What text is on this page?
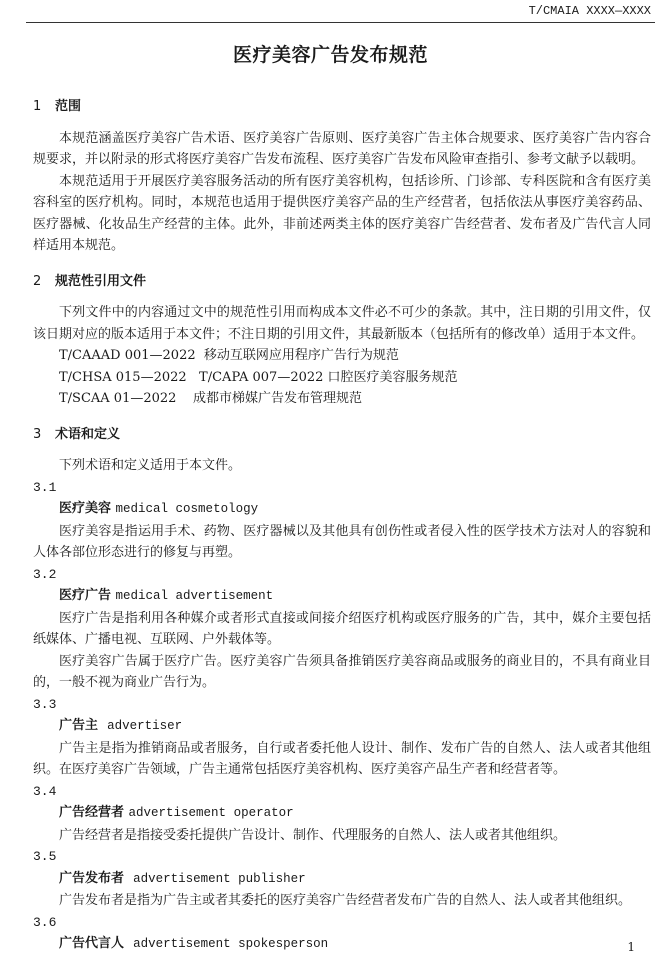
T/CMAIA XXXX—XXXX
医疗美容广告发布规范

1 范围

本规范涵盖医疗美容广告术语、医疗美容广告原则、医疗美容广告主体合规要求、医疗美容广告内容合规要求，并以附录的形式将医疗美容广告发布流程、医疗美容广告发布风险审查指引、参考文献予以载明。

本规范适用于开展医疗美容服务活动的所有医疗美容机构，包括诊所、门诊部、专科医院和含有医疗美容科室的医疗机构。同时，本规范也适用于提供医疗美容产品的生产经营者，包括依法从事医疗美容药品、医疗器械、化妆品生产经营的主体。此外，非前述两类主体的医疗美容广告经营者、发布者及广告代言人同样适用本规范。

2 规范性引用文件

下列文件中的内容通过文中的规范性引用而构成本文件必不可少的条款。其中，注日期的引用文件，仅该日期对应的版本适用于本文件；不注日期的引用文件，其最新版本（包括所有的修改单）适用于本文件。

T/CAAAD 001—2022  移动互联网应用程序广告行为规范

T/CHSA 015—2022   T/CAPA 007—2022 口腔医疗美容服务规范

T/SCAA 01—2022    成都市梯媒广告发布管理规范

3 术语和定义

下列术语和定义适用于本文件。

3.1

医疗美容 medical cosmetology

医疗美容是指运用手术、药物、医疗器械以及其他具有创伤性或者侵入性的医学技术方法对人的容貌和人体各部位形态进行的修复与再塑。

3.2

医疗广告 medical advertisement

医疗广告是指利用各种媒介或者形式直接或间接介绍医疗机构或医疗服务的广告，其中，媒介主要包括纸媒体、广播电视、互联网、户外载体等。

医疗美容广告属于医疗广告。医疗美容广告须具备推销医疗美容商品或服务的商业目的，不具有商业目的，一般不视为商业广告行为。

3.3

广告主 advertiser

广告主是指为推销商品或者服务，自行或者委托他人设计、制作、发布广告的自然人、法人或者其他组织。在医疗美容广告领域，广告主通常包括医疗美容机构、医疗美容产品生产者和经营者等。

3.4

广告经营者 advertisement operator

广告经营者是指接受委托提供广告设计、制作、代理服务的自然人、法人或者其他组织。

3.5

广告发布者 advertisement publisher

广告发布者是指为广告主或者其委托的医疗美容广告经营者发布广告的自然人、法人或者其他组织。

3.6

广告代言人 advertisement spokesperson	1
